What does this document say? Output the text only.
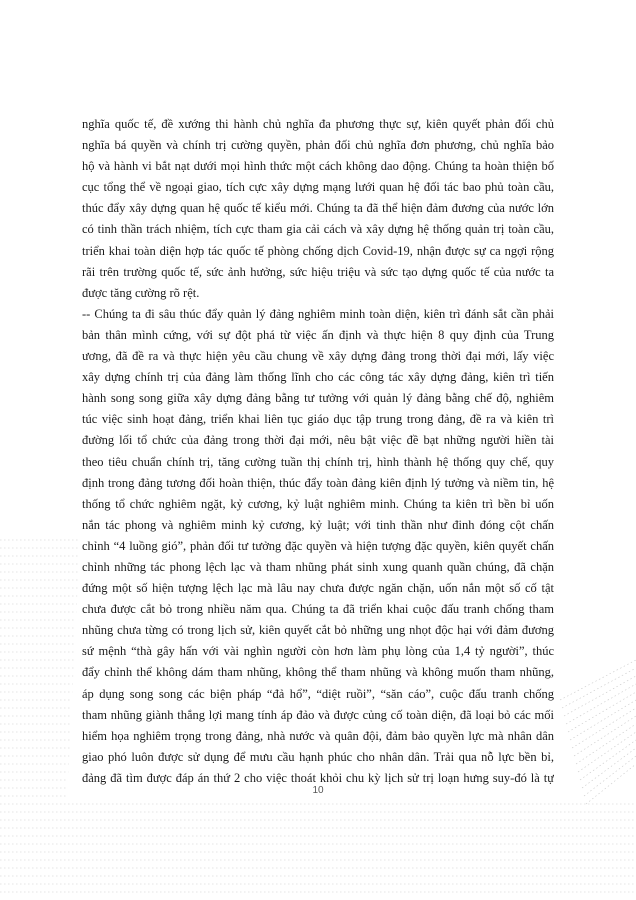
nghĩa quốc tế, đề xướng thi hành chủ nghĩa đa phương thực sự, kiên quyết phản đối chủ
nghĩa bá quyền và chính trị cường quyền, phản đối chủ nghĩa đơn phương, chủ nghĩa bảo
hộ và hành vi bắt nạt dưới mọi hình thức một cách không dao động. Chúng ta hoàn thiện bố
cục tổng thể về ngoại giao, tích cực xây dựng mạng lưới quan hệ đối tác bao phủ toàn cầu,
thúc đẩy xây dựng quan hệ quốc tế kiểu mới. Chúng ta đã thể hiện đảm đương của nước lớn
có tinh thần trách nhiệm, tích cực tham gia cải cách và xây dựng hệ thống quản trị toàn cầu,
triển khai toàn diện hợp tác quốc tế phòng chống dịch Covid-19, nhận được sự ca ngợi rộng
rãi trên trường quốc tế, sức ảnh hưởng, sức hiệu triệu và sức tạo dựng quốc tế của nước ta
được tăng cường rõ rệt.
-- Chúng ta đi sâu thúc đẩy quản lý đảng nghiêm minh toàn diện, kiên trì đánh sắt cần phải
bản thân mình cứng, với sự đột phá từ việc ấn định và thực hiện 8 quy định của Trung
ương, đã đề ra và thực hiện yêu cầu chung về xây dựng đảng trong thời đại mới, lấy việc
xây dựng chính trị của đảng làm thống lĩnh cho các công tác xây dựng đảng, kiên trì tiến
hành song song giữa xây dựng đảng bằng tư tưởng với quản lý đảng bằng chế độ, nghiêm
túc việc sinh hoạt đảng, triển khai liên tục giáo dục tập trung trong đảng, đề ra và kiên trì
đường lối tổ chức của đảng trong thời đại mới, nêu bật việc đề bạt những người hiền tài
theo tiêu chuẩn chính trị, tăng cường tuần thị chính trị, hình thành hệ thống quy chế, quy
định trong đảng tương đối hoàn thiện, thúc đẩy toàn đảng kiên định lý tưởng và niềm tin, hệ
thống tổ chức nghiêm ngặt, kỷ cương, kỷ luật nghiêm minh. Chúng ta kiên trì bền bỉ uốn
nắn tác phong và nghiêm minh kỷ cương, kỷ luật; với tinh thần như đinh đóng cột chấn
chỉnh “4 luồng gió”, phản đối tư tưởng đặc quyền và hiện tượng đặc quyền, kiên quyết chấn
chỉnh những tác phong lệch lạc và tham nhũng phát sinh xung quanh quần chúng, đã chặn
đứng một số hiện tượng lệch lạc mà lâu nay chưa được ngăn chặn, uốn nắn một số cố tật
chưa được cắt bỏ trong nhiều năm qua. Chúng ta đã triển khai cuộc đấu tranh chống tham
nhũng chưa từng có trong lịch sử, kiên quyết cắt bỏ những ung nhọt độc hại với đảm đương
sứ mệnh “thà gây hấn với vài nghìn người còn hơn làm phụ lòng của 1,4 tỷ người”, thúc
đẩy chỉnh thể không dám tham nhũng, không thể tham nhũng và không muốn tham nhũng,
áp dụng song song các biện pháp “đả hổ”, “diệt ruồi”, “săn cáo”, cuộc đấu tranh chống
tham nhũng giành thắng lợi mang tính áp đảo và được củng cố toàn diện, đã loại bỏ các mối
hiểm họa nghiêm trọng trong đảng, nhà nước và quân đội, đảm bảo quyền lực mà nhân dân
giao phó luôn được sử dụng để mưu cầu hạnh phúc cho nhân dân. Trải qua nỗ lực bền bỉ,
đảng đã tìm được đáp án thứ 2 cho việc thoát khỏi chu kỳ lịch sử trị loạn hưng suy-đó là tự
10
